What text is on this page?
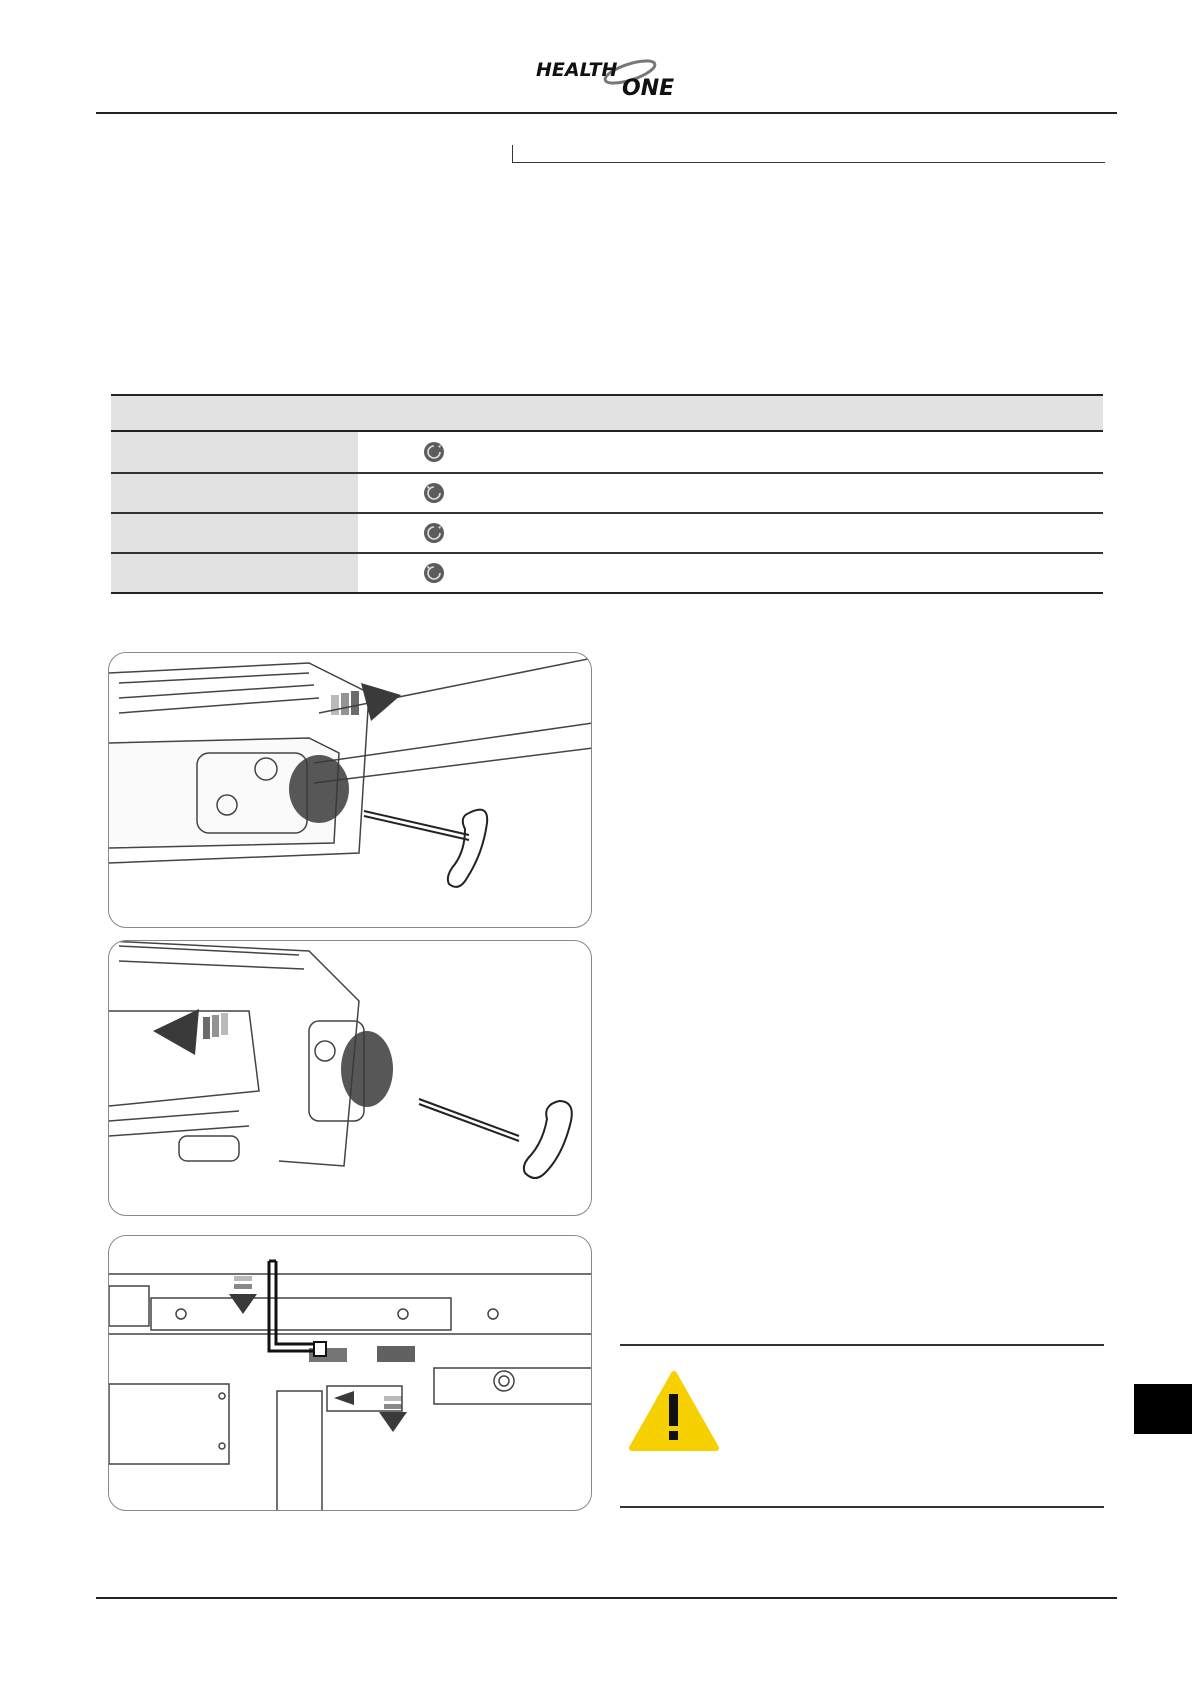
HEALTH
ONE
